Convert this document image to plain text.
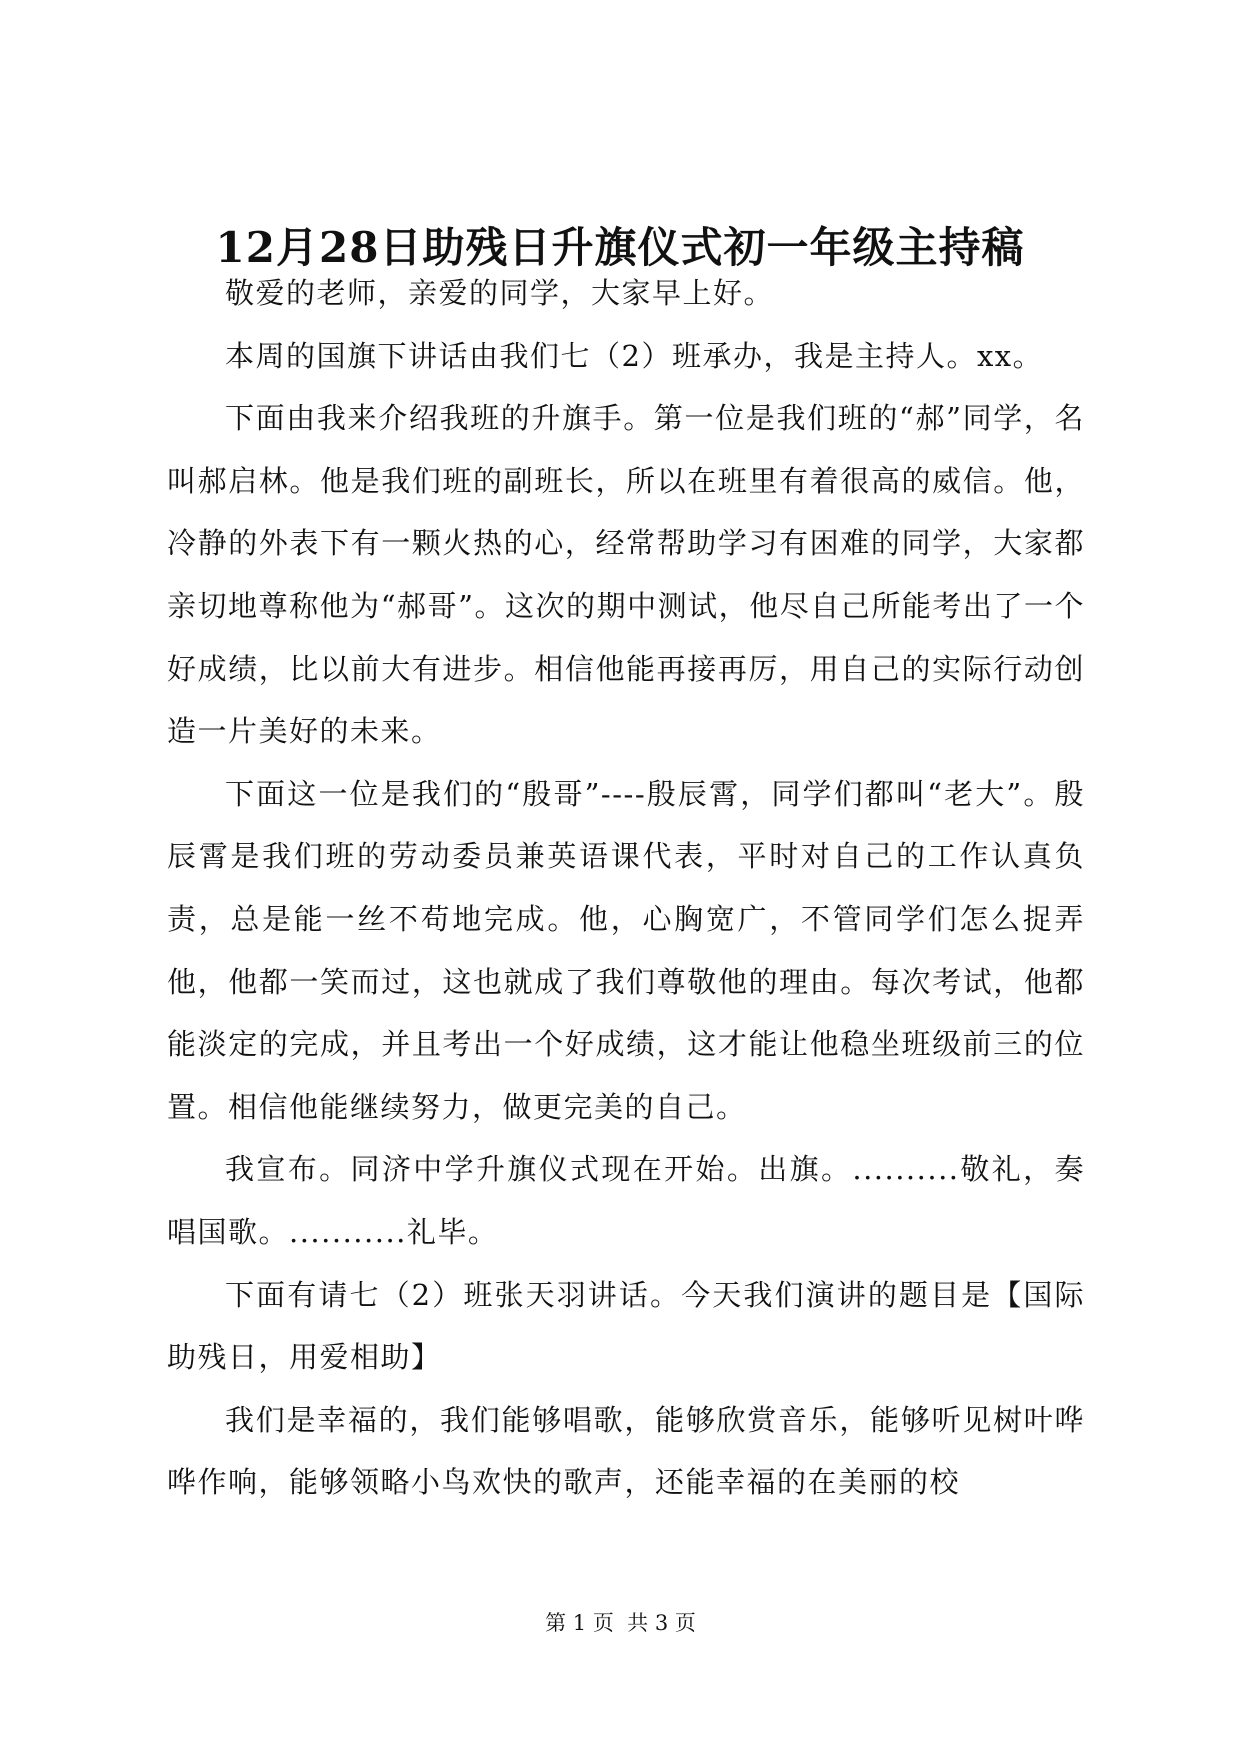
12月28日助残日升旗仪式初一年级主持稿

敬爱的老师，亲爱的同学，大家早上好。

本周的国旗下讲话由我们七（2）班承办，我是主持人。xx。

下面由我来介绍我班的升旗手。第一位是我们班的“郝”同学，名叫郝启林。他是我们班的副班长，所以在班里有着很高的威信。他，冷静的外表下有一颗火热的心，经常帮助学习有困难的同学，大家都亲切地尊称他为“郝哥”。这次的期中测试，他尽自己所能考出了一个好成绩，比以前大有进步。相信他能再接再厉，用自己的实际行动创造一片美好的未来。

下面这一位是我们的“殷哥”----殷辰霄，同学们都叫“老大”。殷辰霄是我们班的劳动委员兼英语课代表，平时对自己的工作认真负责，总是能一丝不苟地完成。他，心胸宽广，不管同学们怎么捉弄他，他都一笑而过，这也就成了我们尊敬他的理由。每次考试，他都能淡定的完成，并且考出一个好成绩，这才能让他稳坐班级前三的位置。相信他能继续努力，做更完美的自己。

我宣布。同济中学升旗仪式现在开始。出旗。..........敬礼，奏唱国歌。...........礼毕。

下面有请七（2）班张天羽讲话。今天我们演讲的题目是【国际助残日，用爱相助】

我们是幸福的，我们能够唱歌，能够欣赏音乐，能够听见树叶哗哗作响，能够领略小鸟欢快的歌声，还能幸福的在美丽的校

第 1 页  共 3 页
